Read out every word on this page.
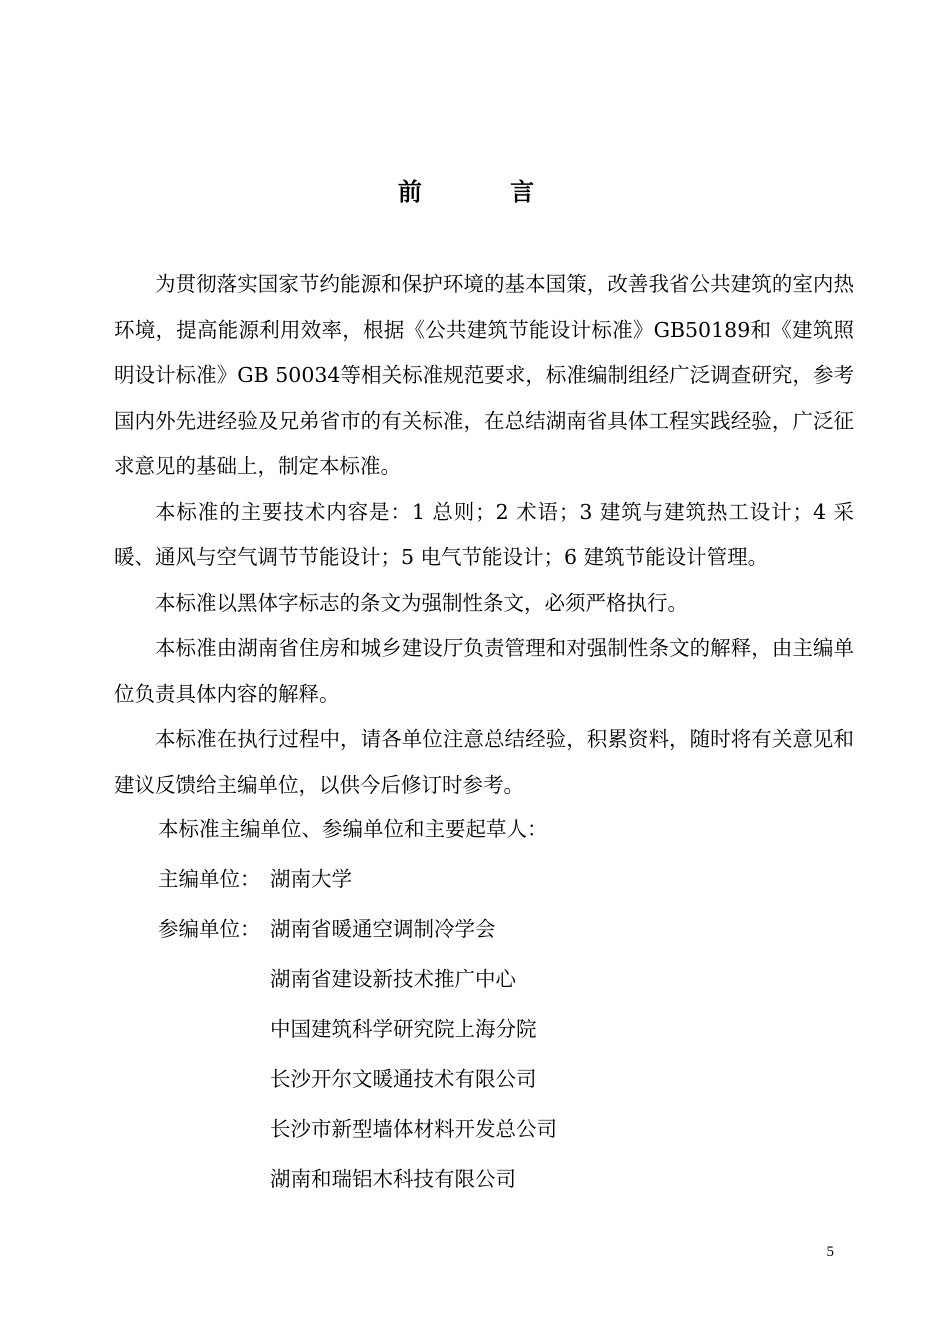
前 言

为贯彻落实国家节约能源和保护环境的基本国策，改善我省公共建筑的室内热环境，提高能源利用效率，根据《公共建筑节能设计标准》GB50189和《建筑照明设计标准》GB 50034等相关标准规范要求，标准编制组经广泛调查研究，参考国内外先进经验及兄弟省市的有关标准，在总结湖南省具体工程实践经验，广泛征求意见的基础上，制定本标准。

本标准的主要技术内容是：1 总则；2 术语；3 建筑与建筑热工设计；4 采暖、通风与空气调节节能设计；5 电气节能设计；6 建筑节能设计管理。

本标准以黑体字标志的条文为强制性条文，必须严格执行。

本标准由湖南省住房和城乡建设厅负责管理和对强制性条文的解释，由主编单位负责具体内容的解释。

本标准在执行过程中，请各单位注意总结经验，积累资料，随时将有关意见和建议反馈给主编单位，以供今后修订时参考。

本标准主编单位、参编单位和主要起草人：
主编单位： 湖南大学
参编单位： 湖南省暖通空调制冷学会
湖南省建设新技术推广中心
中国建筑科学研究院上海分院
长沙开尔文暖通技术有限公司
长沙市新型墙体材料开发总公司
湖南和瑞铝木科技有限公司
5
